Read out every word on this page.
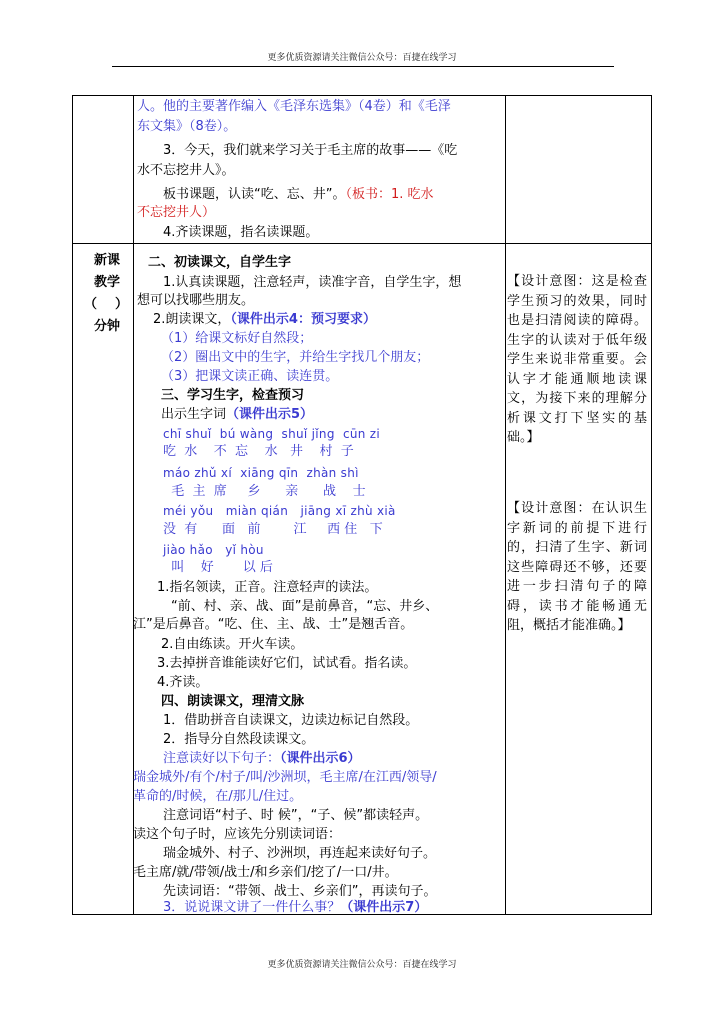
更多优质资源请关注微信公众号：百捷在线学习
人。他的主要著作编入《毛泽东选集》（4卷）和《毛泽
东文集》（8卷）。
3．今天，我们就来学习关于毛主席的故事——《吃
水不忘挖井人》。
板书课题，认读“吃、忘、井”。（板书：1. 吃水
不忘挖井人）
4.齐读课题，指名读课题。
新课
教学
（    ）
分钟
二、初读课文，自学生字
1.认真读课题，注意轻声，读准字音，自学生字，想
想可以找哪些朋友。
2.朗读课文，（课件出示4：预习要求）
（1）给课文标好自然段；
（2）圈出文中的生字，并给生字找几个朋友；
（3）把课文读正确、读连贯。
三、学习生字，检查预习
出示生字词（课件出示5）
chī shuǐ  bú wàng  shuǐ jǐng  cūn zi
吃  水    不  忘    水   井    村  子
máo zhǔ xí  xiāng qīn  zhàn shì
毛  主  席     乡      亲      战    士
méi yǒu   miàn qián   jiāng xī zhù xià
没  有      面   前        江     西 住   下
jiào hǎo   yǐ hòu
叫    好       以 后
1.指名领读，正音。注意轻声的读法。
“前、村、亲、战、面”是前鼻音，“忘、井乡、
江”是后鼻音。“吃、住、主、战、士”是翘舌音。
2.自由练读。开火车读。
3.去掉拼音谁能读好它们，试试看。指名读。
4.齐读。
四、朗读课文，理清文脉
1．借助拼音自读课文，边读边标记自然段。
2．指导分自然段读课文。
注意读好以下句子：（课件出示6）
瑞金城外/有个/村子/叫/沙洲坝，毛主席/在江西/领导/
革命的/时候，在/那儿/住过。
注意词语“村子、时 候”，“子、候”都读轻声。
读这个句子时，应该先分别读词语：
瑞金城外、村子、沙洲坝，再连起来读好句子。
毛主席/就/带领/战士/和乡亲们/挖了/一口/井。
先读词语：“带领、战士、乡亲们”，再读句子。
3．说说课文讲了一件什么事？（课件出示7）
【设计意图：这是检查学生预习的效果，同时也是扫清阅读的障碍。生字的认读对于低年级学生来说非常重要。会认字才能通顺地读课文，为接下来的理解分析课文打下坚实的基础。】
【设计意图：在认识生字新词的前提下进行的，扫清了生字、新词这些障碍还不够，还要进一步扫清句子的障碍，读书才能畅通无阻，概括才能准确。】
更多优质资源请关注微信公众号：百捷在线学习
